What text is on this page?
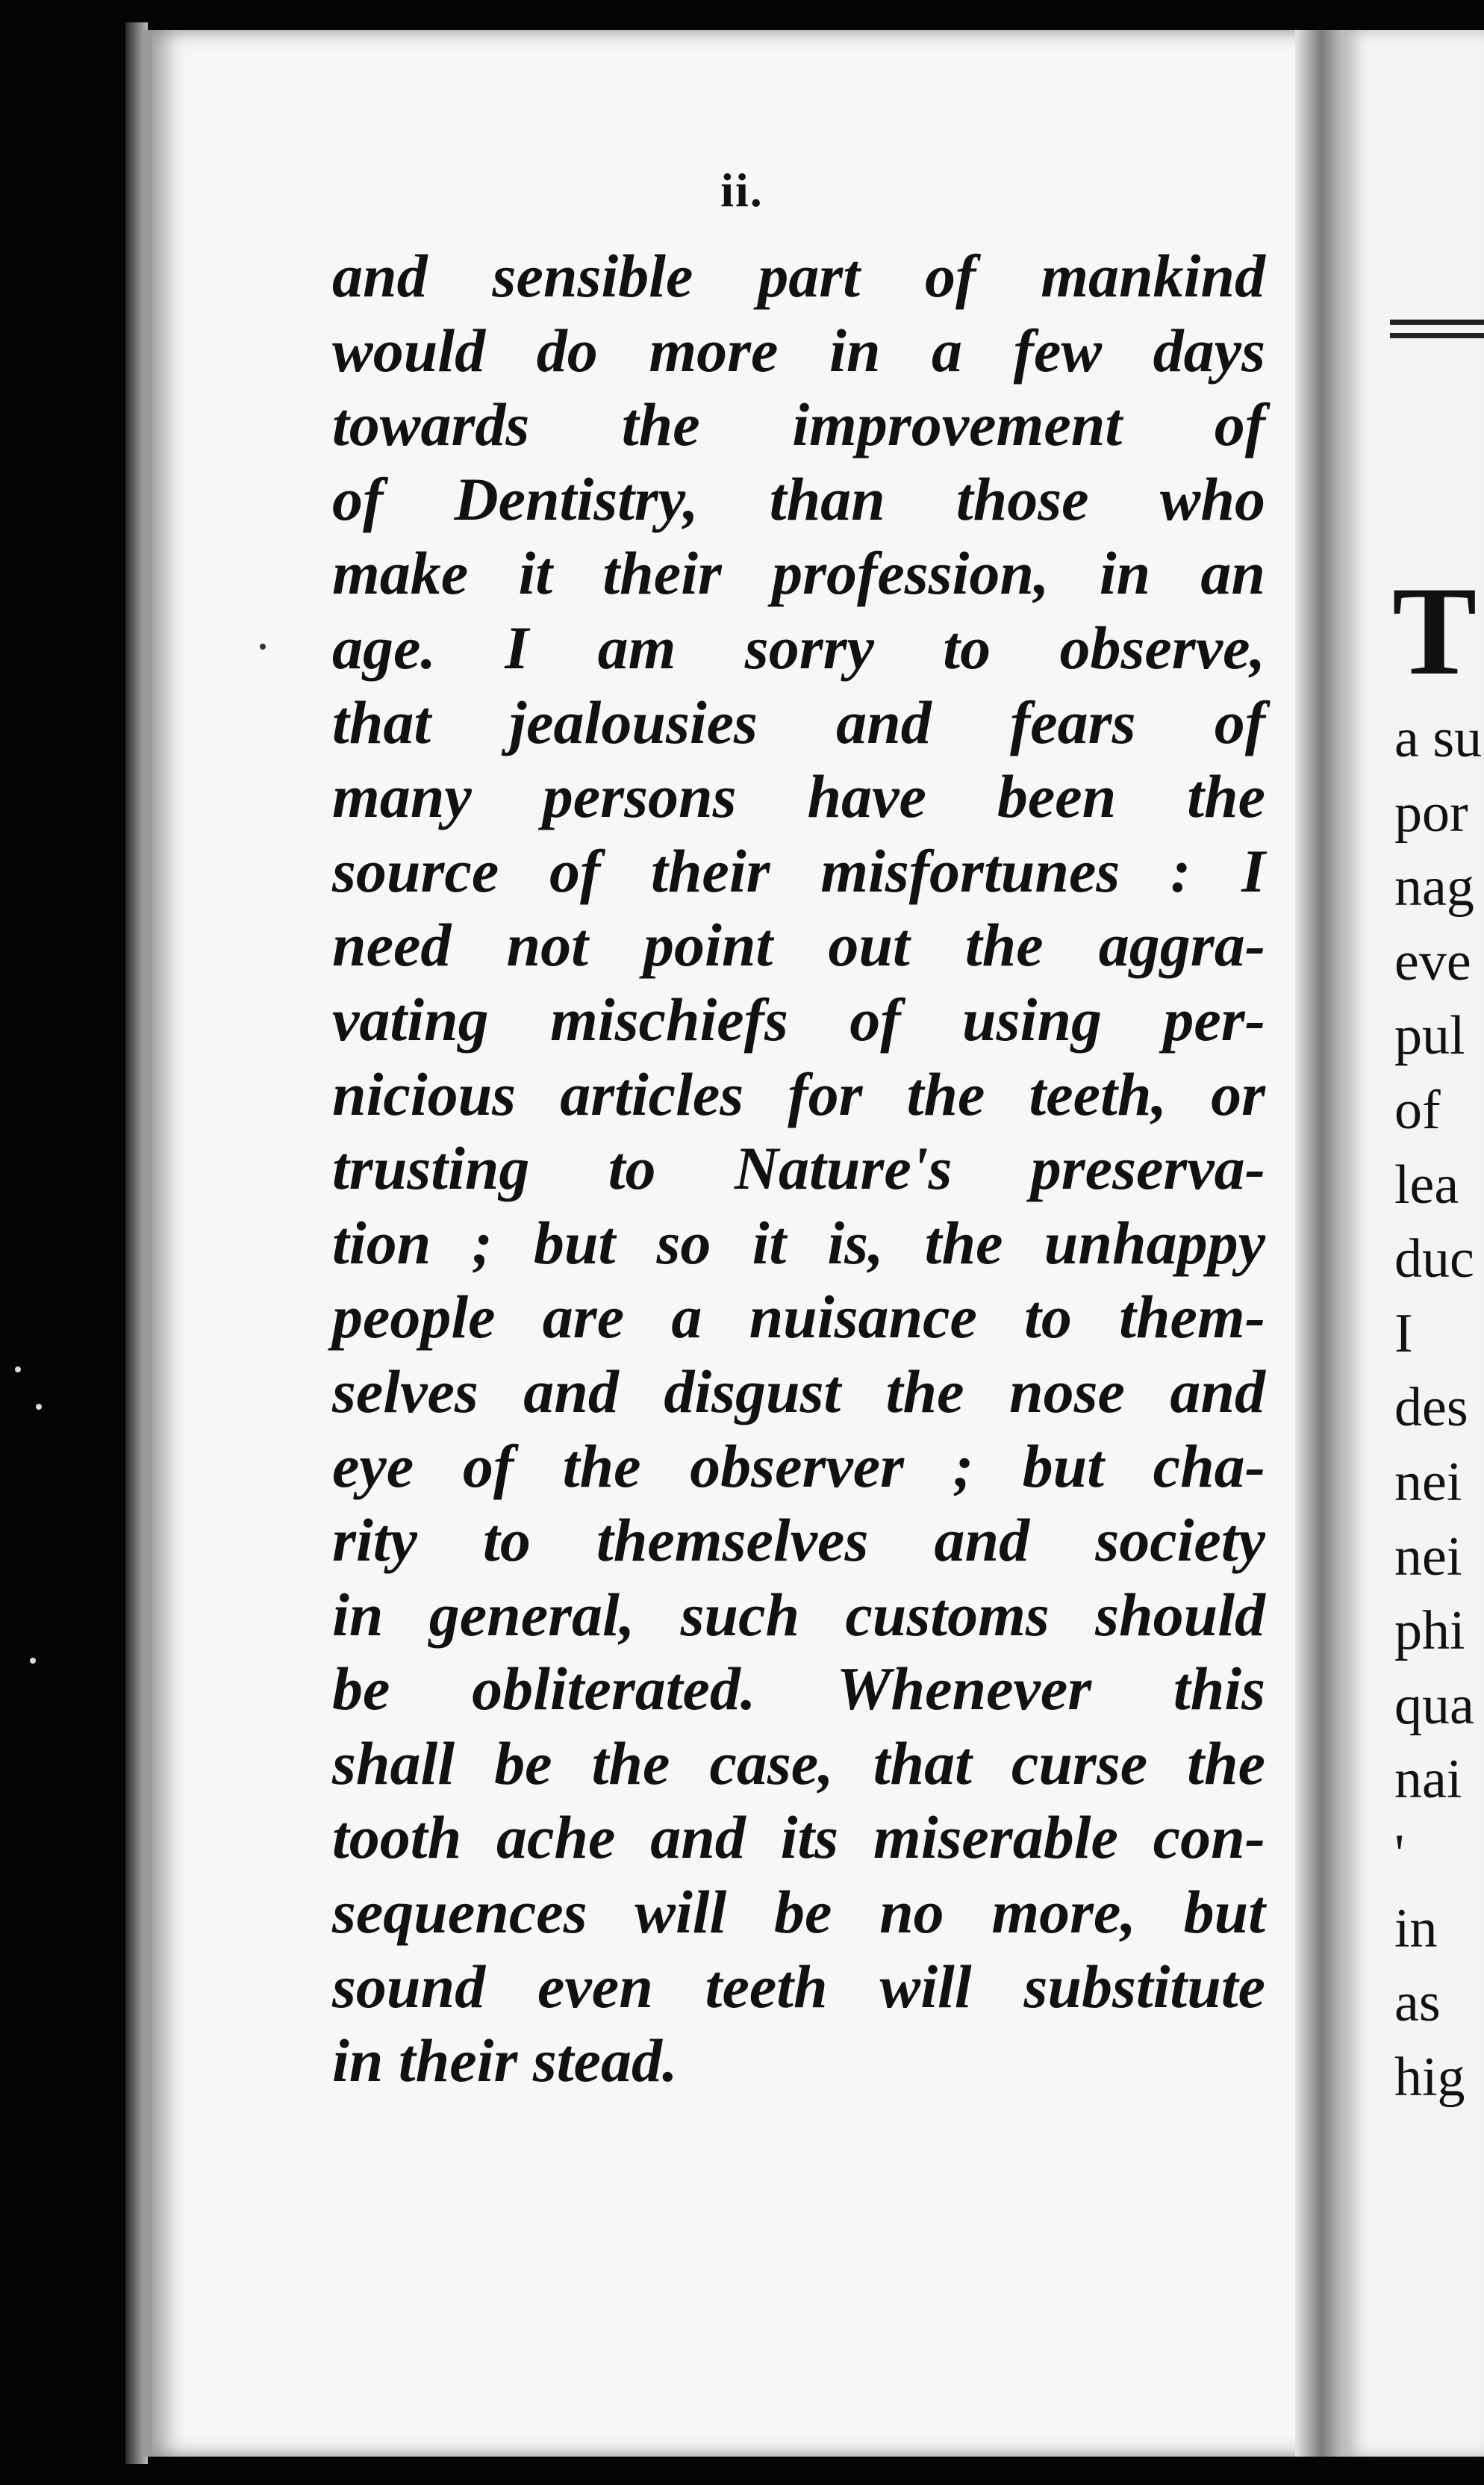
ii.
and sensible part of mankind
would do more in a few days
towards the improvement of
of Dentistry, than those who
make it their profession, in an
age. I am sorry to observe,
that jealousies and fears of
many persons have been the
source of their misfortunes : I
need not point out the aggra-
vating mischiefs of using per-
nicious articles for the teeth, or
trusting to Nature's preserva-
tion ; but so it is, the unhappy
people are a nuisance to them-
selves and disgust the nose and
eye of the observer ; but cha-
rity to themselves and society
in general, such customs should
be obliterated. Whenever this
shall be the case, that curse the
tooth ache and its miserable con-
sequences will be no more, but
sound even teeth will substitute
in their stead.
T
a su
por
nag
eve
pul
of
lea
duc
I
des
nei
nei
phi
qua
nai
'
in
as
hig
